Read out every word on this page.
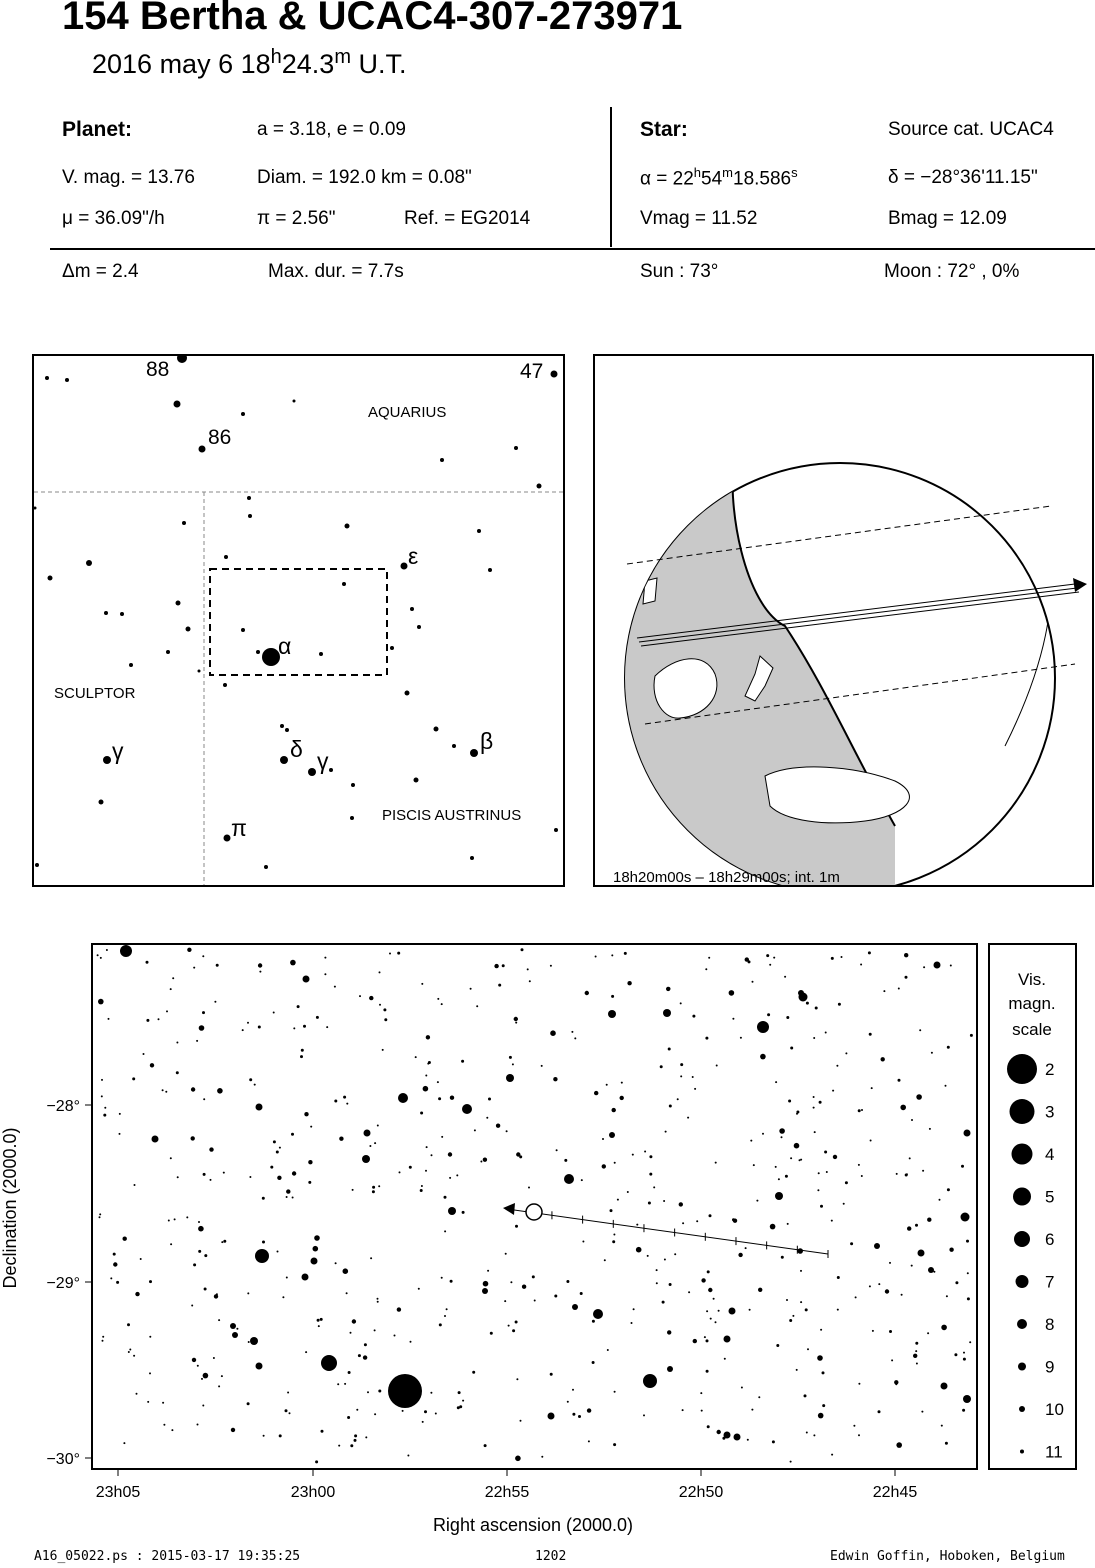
154 Bertha & UCAC4-307-273971
2016 may 6 18$^h$24.3$^m$ U.T.
Planet:	a = 3.18, e = 0.09
V. mag. = 13.76	Diam. = 192.0 km = 0.08"
μ = 36.09"/h	π = 2.56"	Ref. = EG2014
Star:	Source cat. UCAC4
$\alpha = 22^h54^m18.586^s$	δ = −28°36'11.15"
Vmag = 11.52	Bmag = 12.09
Δm = 2.4	Max. dur. = 7.7s	Sun : 73°	Moon : 72° , 0%
AQUARIUS
SCULPTOR
PISCIS AUSTRINUS
88
86
47
ε
α
γ	δ γ
β
π
18h20m00s – 18h29m00s; int. 1m
23h05	23h00	22h55	22h50	22h45
−28°
−29°
−30°
Right ascension (2000.0)
Declination (2000.0)
Vis.
magn.
scale
2
3
4
5
6
7
8
9
10
11
A16_05022.ps : 2015-03-17 19:35:25	1202	Edwin Goffin, Hoboken, Belgium
